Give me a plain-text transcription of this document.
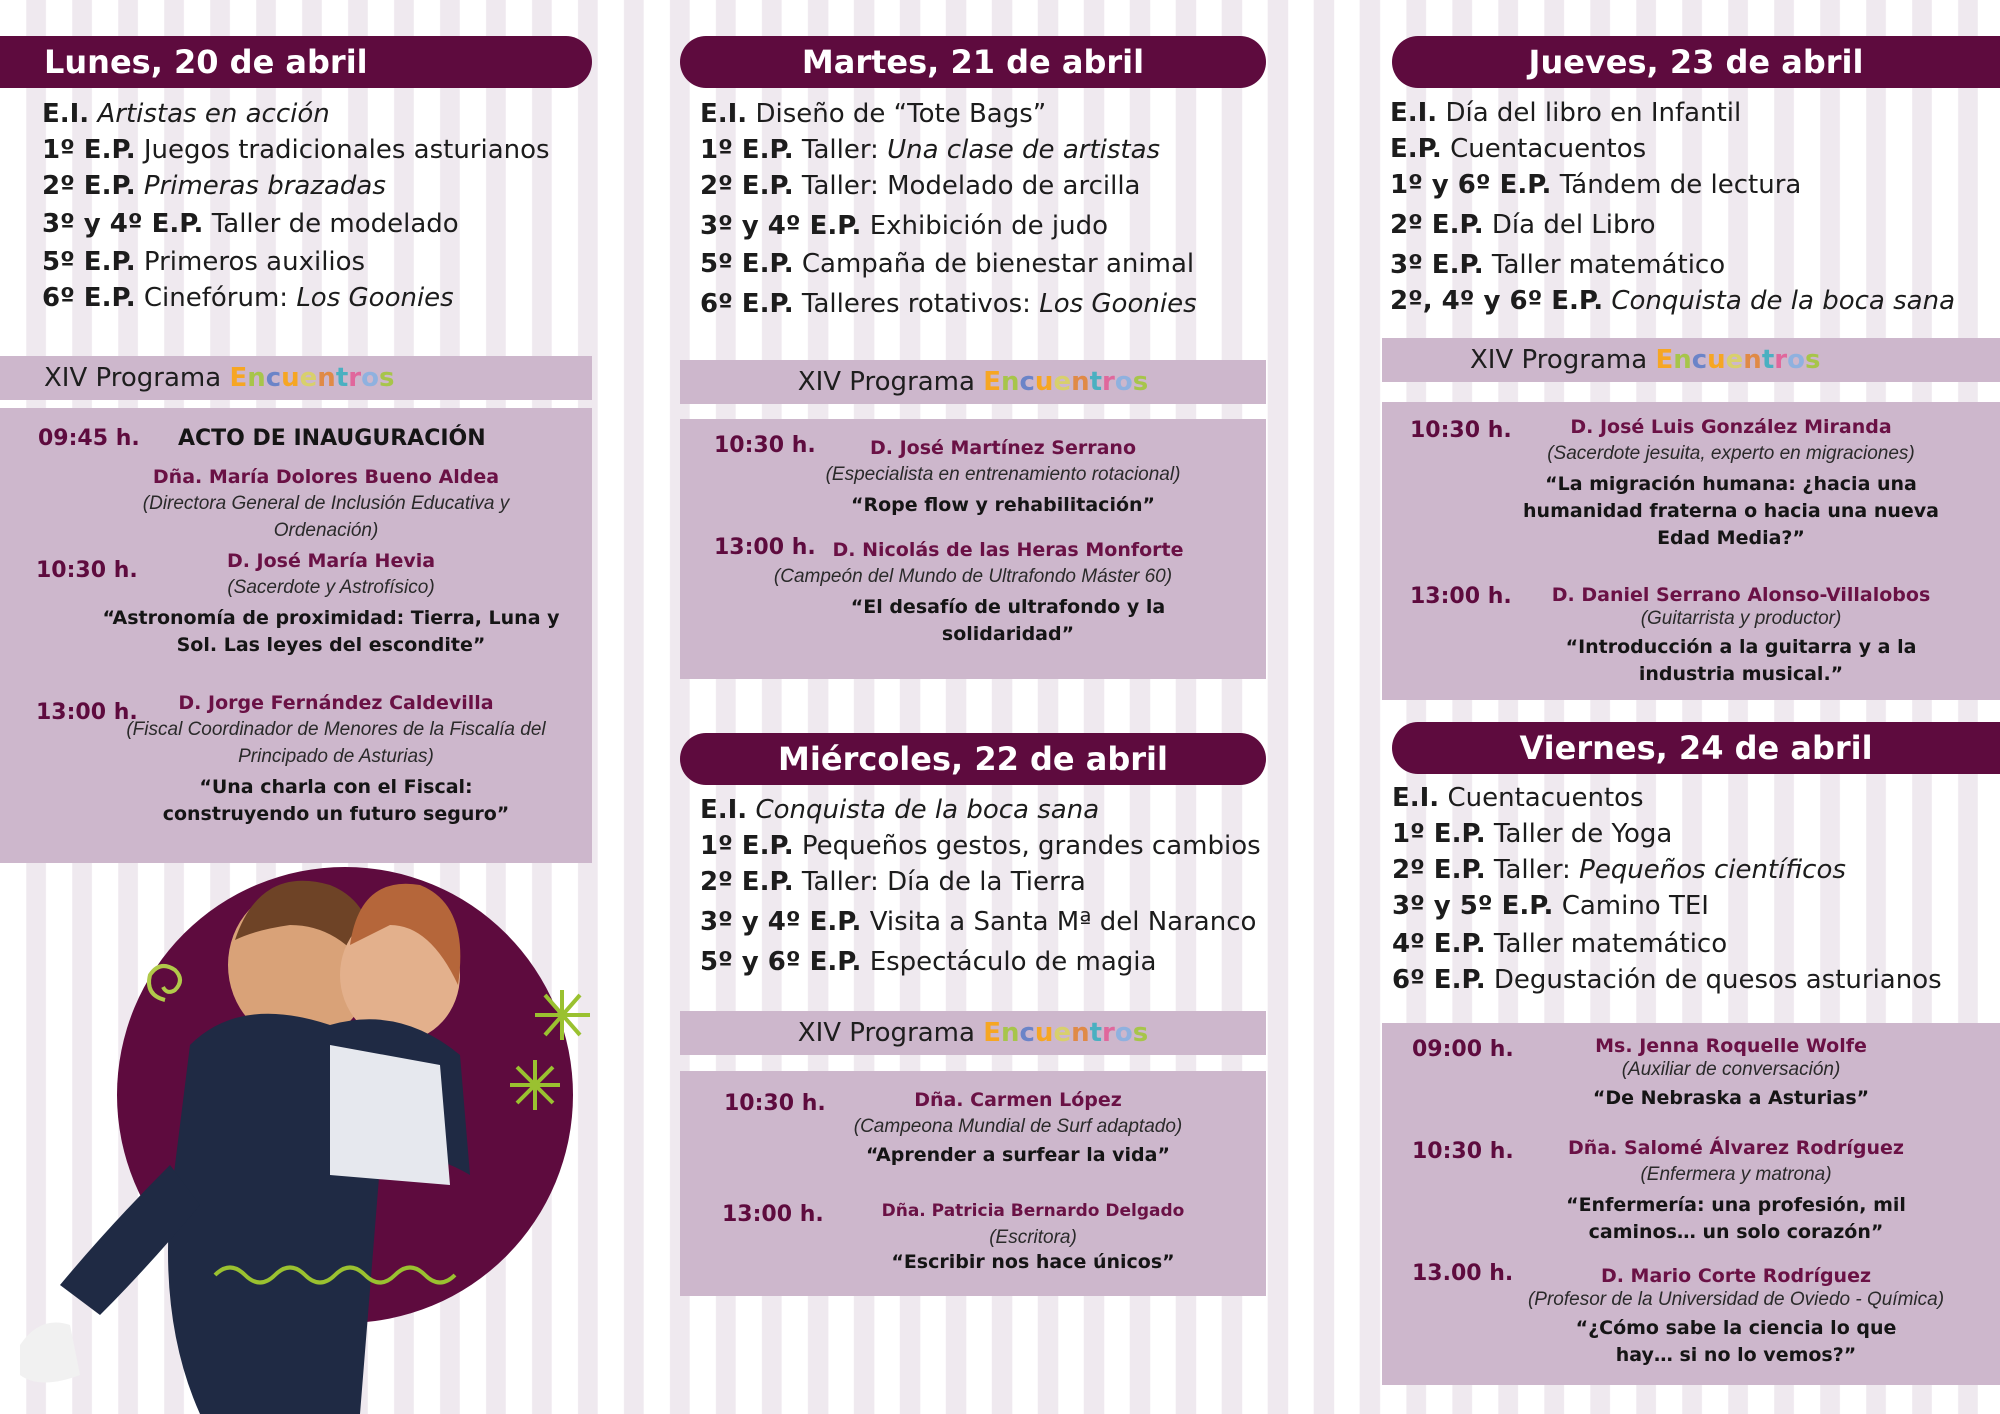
Lunes, 20 de abril
E.I. Artistas en acción
1º E.P. Juegos tradicionales asturianos
2º E.P. Primeras brazadas
3º y 4º E.P. Taller de modelado
5º E.P. Primeros auxilios
6º E.P. Cinefórum: Los Goonies
XIV Programa Encuentros
09:45 h. ACTO DE INAUGURACIÓN
Dña. María Dolores Bueno Aldea
(Directora General de Inclusión Educativa y Ordenación)
10:30 h.	D. José María Hevia
(Sacerdote y Astrofísico)
“Astronomía de proximidad: Tierra, Luna y Sol. Las leyes del escondite”
13:00 h.	D. Jorge Fernández Caldevilla
(Fiscal Coordinador de Menores de la Fiscalía del Principado de Asturias)
“Una charla con el Fiscal: construyendo un futuro seguro”
Martes, 21 de abril
E.I. Diseño de “Tote Bags”
1º E.P. Taller: Una clase de artistas
2º E.P. Taller: Modelado de arcilla
3º y 4º E.P. Exhibición de judo
5º E.P. Campaña de bienestar animal
6º E.P. Talleres rotativos: Los Goonies
XIV Programa Encuentros
10:30 h.	D. José Martínez Serrano
(Especialista en entrenamiento rotacional)
“Rope flow y rehabilitación”
13:00 h. D. Nicolás de las Heras Monforte
(Campeón del Mundo de Ultrafondo Máster 60)
“El desafío de ultrafondo y la solidaridad”
Miércoles, 22 de abril
E.I. Conquista de la boca sana
1º E.P. Pequeños gestos, grandes cambios
2º E.P. Taller: Día de la Tierra
3º y 4º E.P. Visita a Santa Mª del Naranco
5º y 6º E.P. Espectáculo de magia
XIV Programa Encuentros
10:30 h.	Dña. Carmen López
(Campeona Mundial de Surf adaptado)
“Aprender a surfear la vida”
13:00 h.	Dña. Patricia Bernardo Delgado
(Escritora)
“Escribir nos hace únicos”
Jueves, 23 de abril
E.I. Día del libro en Infantil
E.P. Cuentacuentos
1º y 6º E.P. Tándem de lectura
2º E.P. Día del Libro
3º E.P. Taller matemático
2º, 4º y 6º E.P. Conquista de la boca sana
XIV Programa Encuentros
10:30 h.	D. José Luis González Miranda
(Sacerdote jesuita, experto en migraciones)
“La migración humana: ¿hacia una humanidad fraterna o hacia una nueva Edad Media?”
13:00 h.	D. Daniel Serrano Alonso-Villalobos
(Guitarrista y productor)
“Introducción a la guitarra y a la industria musical.”
Viernes, 24 de abril
E.I. Cuentacuentos
1º E.P. Taller de Yoga
2º E.P. Taller: Pequeños científicos
3º y 5º E.P. Camino TEI
4º E.P. Taller matemático
6º E.P. Degustación de quesos asturianos
09:00 h.	Ms. Jenna Roquelle Wolfe
(Auxiliar de conversación)
“De Nebraska a Asturias”
10:30 h.	Dña. Salomé Álvarez Rodríguez
(Enfermera y matrona)
“Enfermería: una profesión, mil caminos… un solo corazón”
13.00 h.	D. Mario Corte Rodríguez
(Profesor de la Universidad de Oviedo - Química)
“¿Cómo sabe la ciencia lo que hay… si no lo vemos?”
